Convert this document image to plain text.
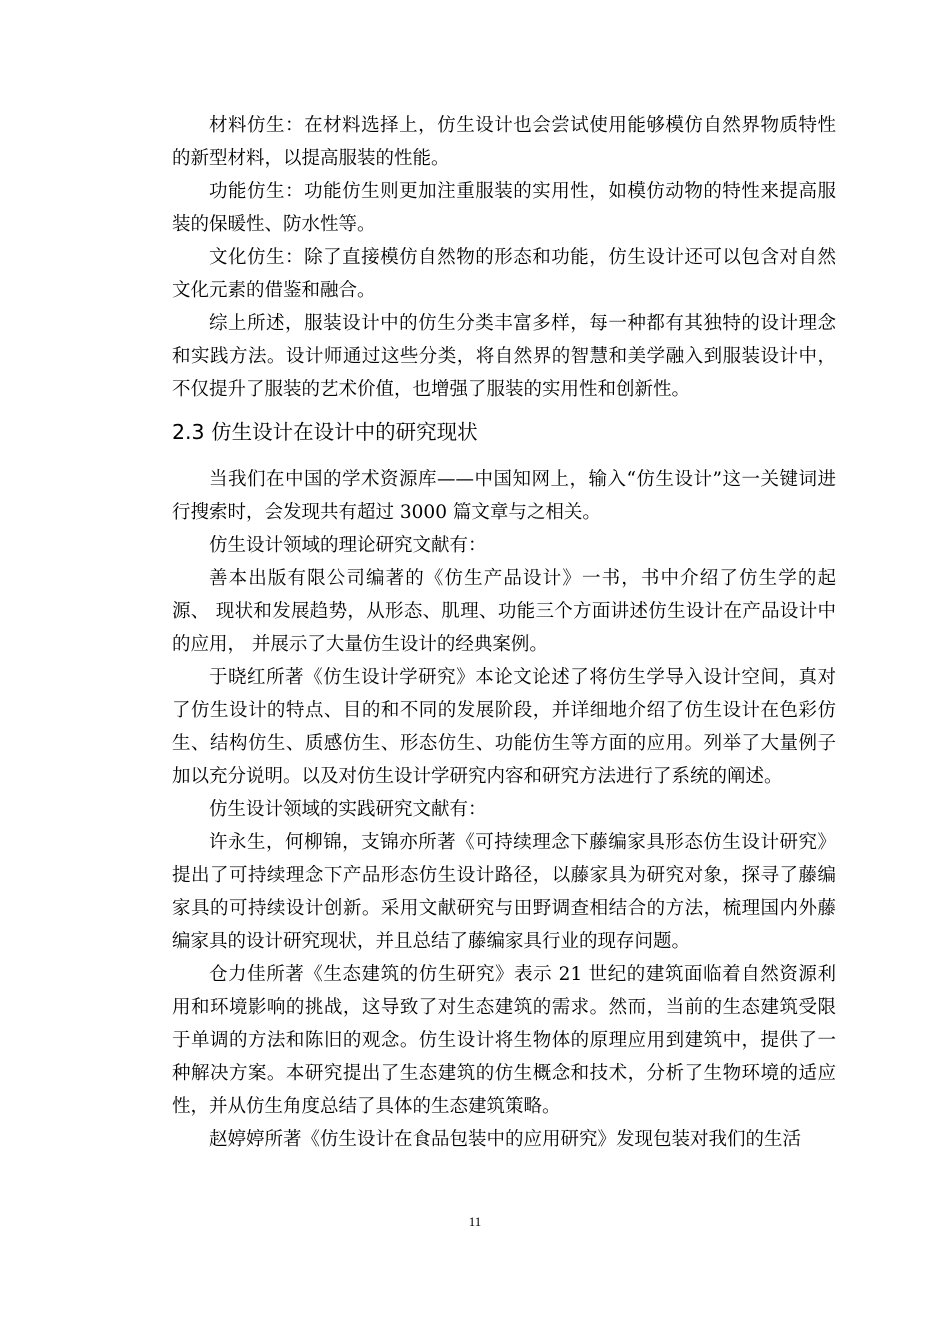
材料仿生：在材料选择上，仿生设计也会尝试使用能够模仿自然界物质特性的新型材料，以提高服装的性能。

功能仿生：功能仿生则更加注重服装的实用性，如模仿动物的特性来提高服装的保暖性、防水性等。

文化仿生：除了直接模仿自然物的形态和功能，仿生设计还可以包含对自然文化元素的借鉴和融合。

综上所述，服装设计中的仿生分类丰富多样，每一种都有其独特的设计理念和实践方法。设计师通过这些分类，将自然界的智慧和美学融入到服装设计中，不仅提升了服装的艺术价值，也增强了服装的实用性和创新性。

2.3 仿生设计在设计中的研究现状

当我们在中国的学术资源库——中国知网上，输入“仿生设计”这一关键词进行搜索时，会发现共有超过 3000 篇文章与之相关。

仿生设计领域的理论研究文献有：

善本出版有限公司编著的《仿生产品设计》一书，书中介绍了仿生学的起源、 现状和发展趋势，从形态、肌理、功能三个方面讲述仿生设计在产品设计中的应用， 并展示了大量仿生设计的经典案例。

于晓红所著《仿生设计学研究》本论文论述了将仿生学导入设计空间，真对了仿生设计的特点、目的和不同的发展阶段，并详细地介绍了仿生设计在色彩仿生、结构仿生、质感仿生、形态仿生、功能仿生等方面的应用。列举了大量例子加以充分说明。以及对仿生设计学研究内容和研究方法进行了系统的阐述。

仿生设计领域的实践研究文献有：

许永生，何柳锦，支锦亦所著《可持续理念下藤编家具形态仿生设计研究》提出了可持续理念下产品形态仿生设计路径，以藤家具为研究对象，探寻了藤编家具的可持续设计创新。采用文献研究与田野调查相结合的方法，梳理国内外藤编家具的设计研究现状，并且总结了藤编家具行业的现存问题。

仓力佳所著《生态建筑的仿生研究》表示 21 世纪的建筑面临着自然资源利用和环境影响的挑战，这导致了对生态建筑的需求。然而，当前的生态建筑受限于单调的方法和陈旧的观念。仿生设计将生物体的原理应用到建筑中，提供了一种解决方案。本研究提出了生态建筑的仿生概念和技术，分析了生物环境的适应性，并从仿生角度总结了具体的生态建筑策略。

赵婷婷所著《仿生设计在食品包装中的应用研究》发现包装对我们的生活

11
